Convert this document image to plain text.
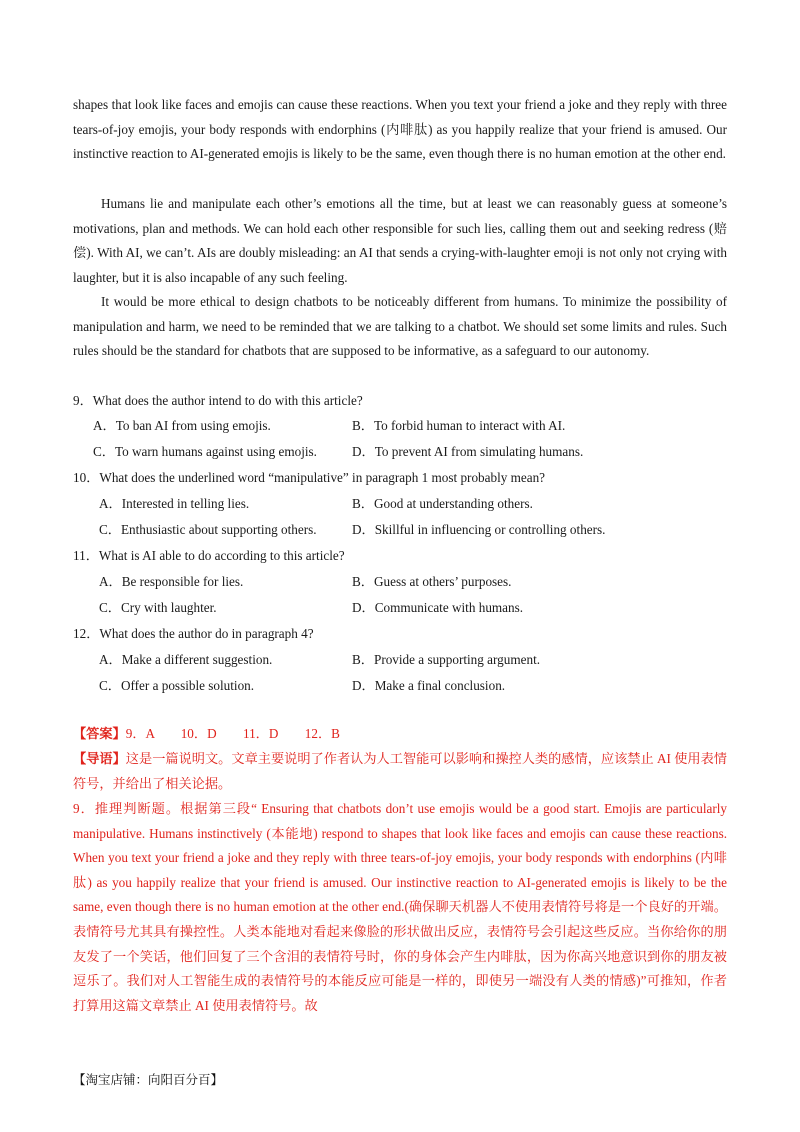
shapes that look like faces and emojis can cause these reactions. When you text your friend a joke and they reply with three tears-of-joy emojis, your body responds with endorphins (内啡肽) as you happily realize that your friend is amused. Our instinctive reaction to AI-generated emojis is likely to be the same, even though there is no human emotion at the other end.

Humans lie and manipulate each other’s emotions all the time, but at least we can reasonably guess at someone’s motivations, plan and methods. We can hold each other responsible for such lies, calling them out and seeking redress (赔偿). With AI, we can’t. AIs are doubly misleading: an AI that sends a crying-with-laughter emoji is not only not crying with laughter, but it is also incapable of any such feeling.

It would be more ethical to design chatbots to be noticeably different from humans. To minimize the possibility of manipulation and harm, we need to be reminded that we are talking to a chatbot. We should set some limits and rules. Such rules should be the standard for chatbots that are supposed to be informative, as a safeguard to our autonomy.

9．What does the author intend to do with this article?

A．To ban AI from using emojis.	B．To forbid human to interact with AI.

C．To warn humans against using emojis.	D．To prevent AI from simulating humans.

10．What does the underlined word “manipulative” in paragraph 1 most probably mean?

A．Interested in telling lies.	B．Good at understanding others.

C．Enthusiastic about supporting others.	D．Skillful in influencing or controlling others.

11．What is AI able to do according to this article?

A．Be responsible for lies.	B．Guess at others’ purposes.

C．Cry with laughter.	D．Communicate with humans.

12．What does the author do in paragraph 4?

A．Make a different suggestion.	B．Provide a supporting argument.

C．Offer a possible solution.	D．Make a final conclusion.

【答案】9．A　　10．D　　11．D　　12．B

【导语】这是一篇说明文。文章主要说明了作者认为人工智能可以影响和操控人类的感情，应该禁止 AI 使用表情符号，并给出了相关论据。

9．推理判断题。根据第三段“ Ensuring that chatbots don’t use emojis would be a good start. Emojis are particularly manipulative. Humans instinctively (本能地) respond to shapes that look like faces and emojis can cause these reactions. When you text your friend a joke and they reply with three tears-of-joy emojis, your body responds with endorphins (内啡肽) as you happily realize that your friend is amused. Our instinctive reaction to AI-generated emojis is likely to be the same, even though there is no human emotion at the other end.(确保聊天机器人不使用表情符号将是一个良好的开端。表情符号尤其具有操控性。人类本能地对看起来像脸的形状做出反应，表情符号会引起这些反应。当你给你的朋友发了一个笑话，他们回复了三个含泪的表情符号时，你的身体会产生内啡肽，因为你高兴地意识到你的朋友被逗乐了。我们对人工智能生成的表情符号的本能反应可能是一样的，即使另一端没有人类的情感)”可推知，作者打算用这篇文章禁止 AI 使用表情符号。故

【淘宝店铺：向阳百分百】
